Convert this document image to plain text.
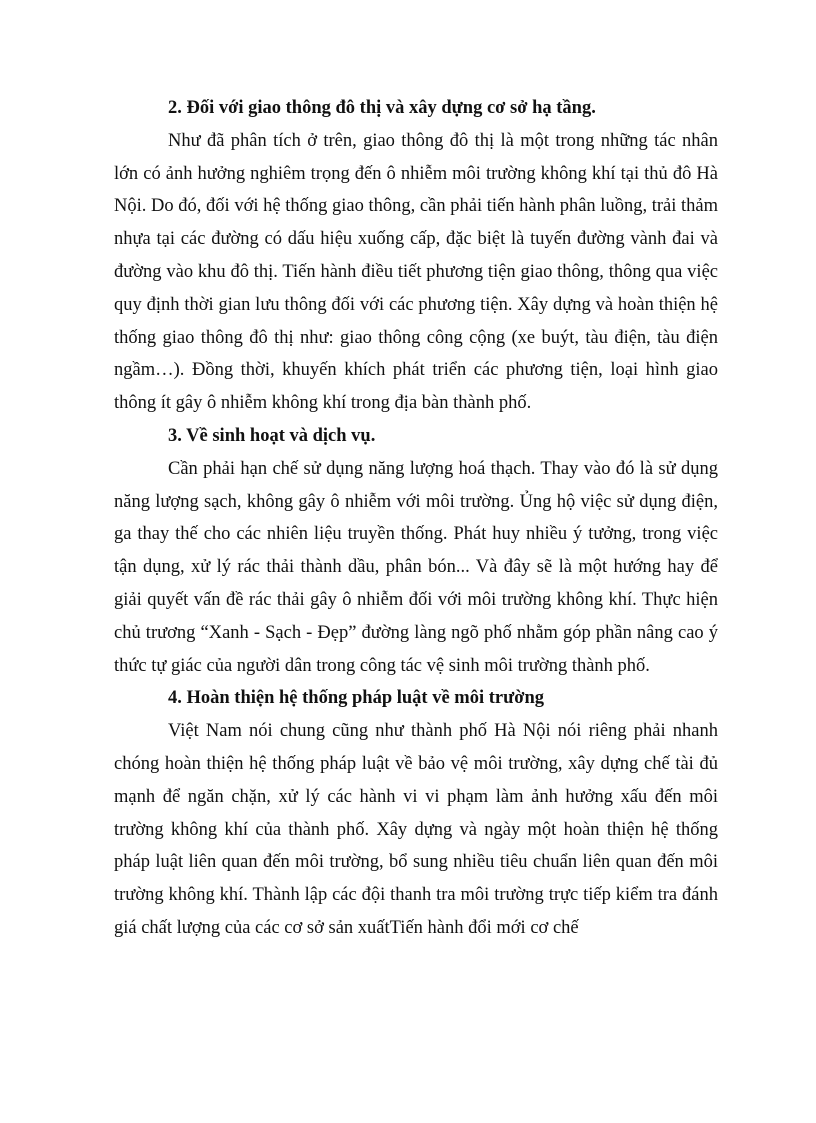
2. Đối với giao thông đô thị và xây dựng cơ sở hạ tầng.

Như đã phân tích ở trên, giao thông đô thị là một trong những tác nhân lớn có ảnh hưởng nghiêm trọng đến ô nhiễm môi trường không khí tại thủ đô Hà Nội. Do đó, đối với hệ thống giao thông, cần phải tiến hành phân luồng, trải thảm nhựa tại các đường có dấu hiệu xuống cấp, đặc biệt là tuyến đường vành đai và đường vào khu đô thị. Tiến hành điều tiết phương tiện giao thông, thông qua việc quy định thời gian lưu thông đối với các phương tiện. Xây dựng và hoàn thiện hệ thống giao thông đô thị như: giao thông công cộng (xe buýt, tàu điện, tàu điện ngầm…). Đồng thời, khuyến khích phát triển các phương tiện, loại hình giao thông ít gây ô nhiễm không khí trong địa bàn thành phố.

3. Về sinh hoạt và dịch vụ.

Cần phải hạn chế sử dụng năng lượng hoá thạch. Thay vào đó là sử dụng năng lượng sạch, không gây ô nhiễm với môi trường. Ủng hộ việc sử dụng điện, ga thay thế cho các nhiên liệu truyền thống. Phát huy nhiều ý tưởng, trong việc tận dụng, xử lý rác thải thành dầu, phân bón... Và đây sẽ là một hướng hay để giải quyết vấn đề rác thải gây ô nhiễm đối với môi trường không khí. Thực hiện chủ trương “Xanh - Sạch - Đẹp” đường làng ngõ phố nhằm góp phần nâng cao ý thức tự giác của người dân trong công tác vệ sinh môi trường thành phố.

4. Hoàn thiện hệ thống pháp luật về môi trường

Việt Nam nói chung cũng như thành phố Hà Nội nói riêng phải nhanh chóng hoàn thiện hệ thống pháp luật về bảo vệ môi trường, xây dựng chế tài đủ mạnh để ngăn chặn, xử lý các hành vi vi phạm làm ảnh hưởng xấu đến môi trường không khí của thành phố. Xây dựng và ngày một hoàn thiện hệ thống pháp luật liên quan đến môi trường, bổ sung nhiều tiêu chuẩn liên quan đến môi trường không khí. Thành lập các đội thanh tra môi trường trực tiếp kiểm tra đánh giá chất lượng của các cơ sở sản xuấtTiến hành đổi mới cơ chế
